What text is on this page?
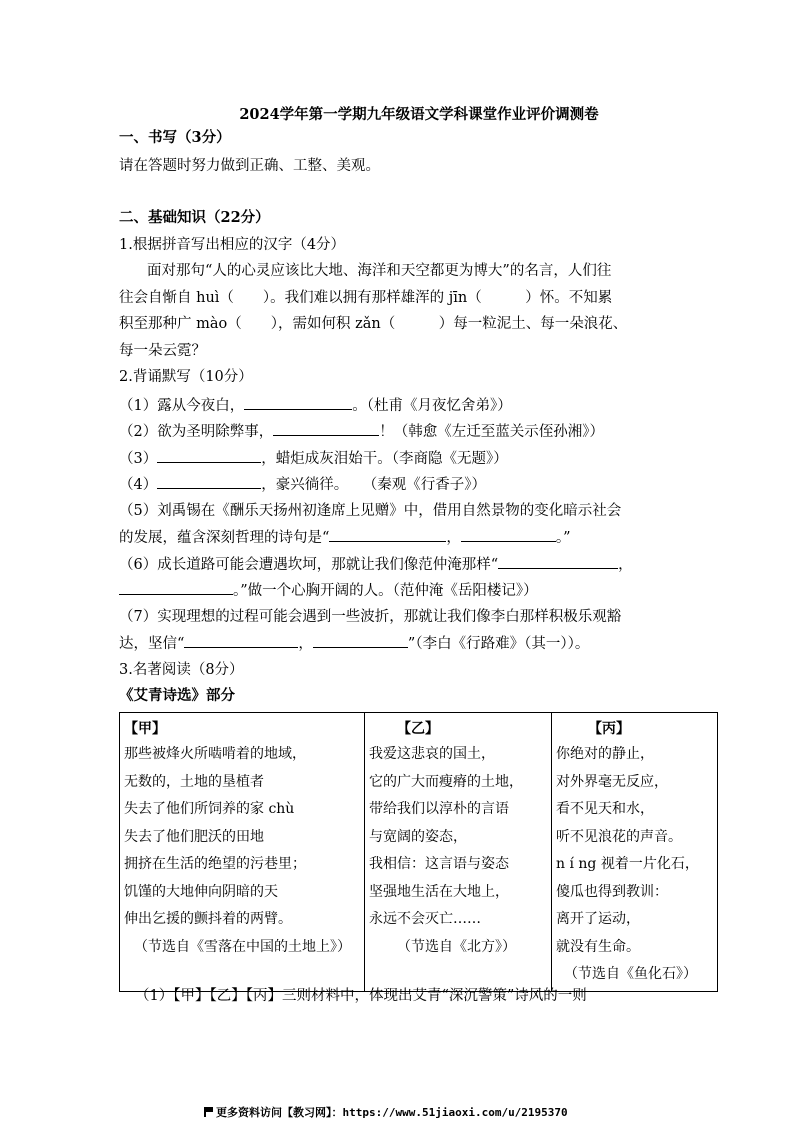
2024学年第一学期九年级语文学科课堂作业评价调测卷
一、书写（3分）
请在答题时努力做到正确、工整、美观。
二、基础知识（22分）
1.根据拼音写出相应的汉字（4分）
面对那句“人的心灵应该比大地、海洋和天空都更为博大”的名言，人们往
往会自惭自 huì（　　）。我们难以拥有那样雄浑的 jīn（　　　）怀。不知累
积至那种广 mào（　　），需如何积 zǎn（　　　）每一粒泥土、每一朵浪花、
每一朵云霓？
2.背诵默写（10分）
（1）露从今夜白，	。（杜甫《月夜忆舍弟》）
（2）欲为圣明除弊事，	！（韩愈《左迁至蓝关示侄孙湘》）
（3）	，蜡炬成灰泪始干。（李商隐《无题》）
（4）	，豪兴徜徉。　　（秦观《行香子》）
（5）刘禹锡在《酬乐天扬州初逢席上见赠》中，借用自然景物的变化暗示社会
的发展，蕴含深刻哲理的诗句是“	，	。”
（6）成长道路可能会遭遇坎坷，那就让我们像范仲淹那样“	，
。”做一个心胸开阔的人。（范仲淹《岳阳楼记》）
（7）实现理想的过程可能会遇到一些波折，那就让我们像李白那样积极乐观豁
达，坚信“	，	”（李白《行路难》（其一））。
3.名著阅读（8分）
《艾青诗选》部分
【甲】
那些被烽火所啮啃着的地域，
无数的，土地的垦植者
失去了他们所饲养的家 chù
失去了他们肥沃的田地
拥挤在生活的绝望的污巷里；
饥馑的大地伸向阴暗的天
伸出乞援的颤抖着的两臂。
（节选自《雪落在中国的土地上》）

【乙】
我爱这悲哀的国土，
它的广大而瘦瘠的土地，
带给我们以淳朴的言语
与宽阔的姿态，
我相信：这言语与姿态
坚强地生活在大地上，
永远不会灭亡……
（节选自《北方》）

【丙】
你绝对的静止，
对外界毫无反应，
看不见天和水，
听不见浪花的声音。
n í ng 视着一片化石，
傻瓜也得到教训：
离开了运动，
就没有生命。
（节选自《鱼化石》）
（1）【甲】【乙】【丙】三则材料中，体现出艾青“深沉警策”诗风的一则
更多资料访问【教习网】：https://www.51jiaoxi.com/u/2195370
